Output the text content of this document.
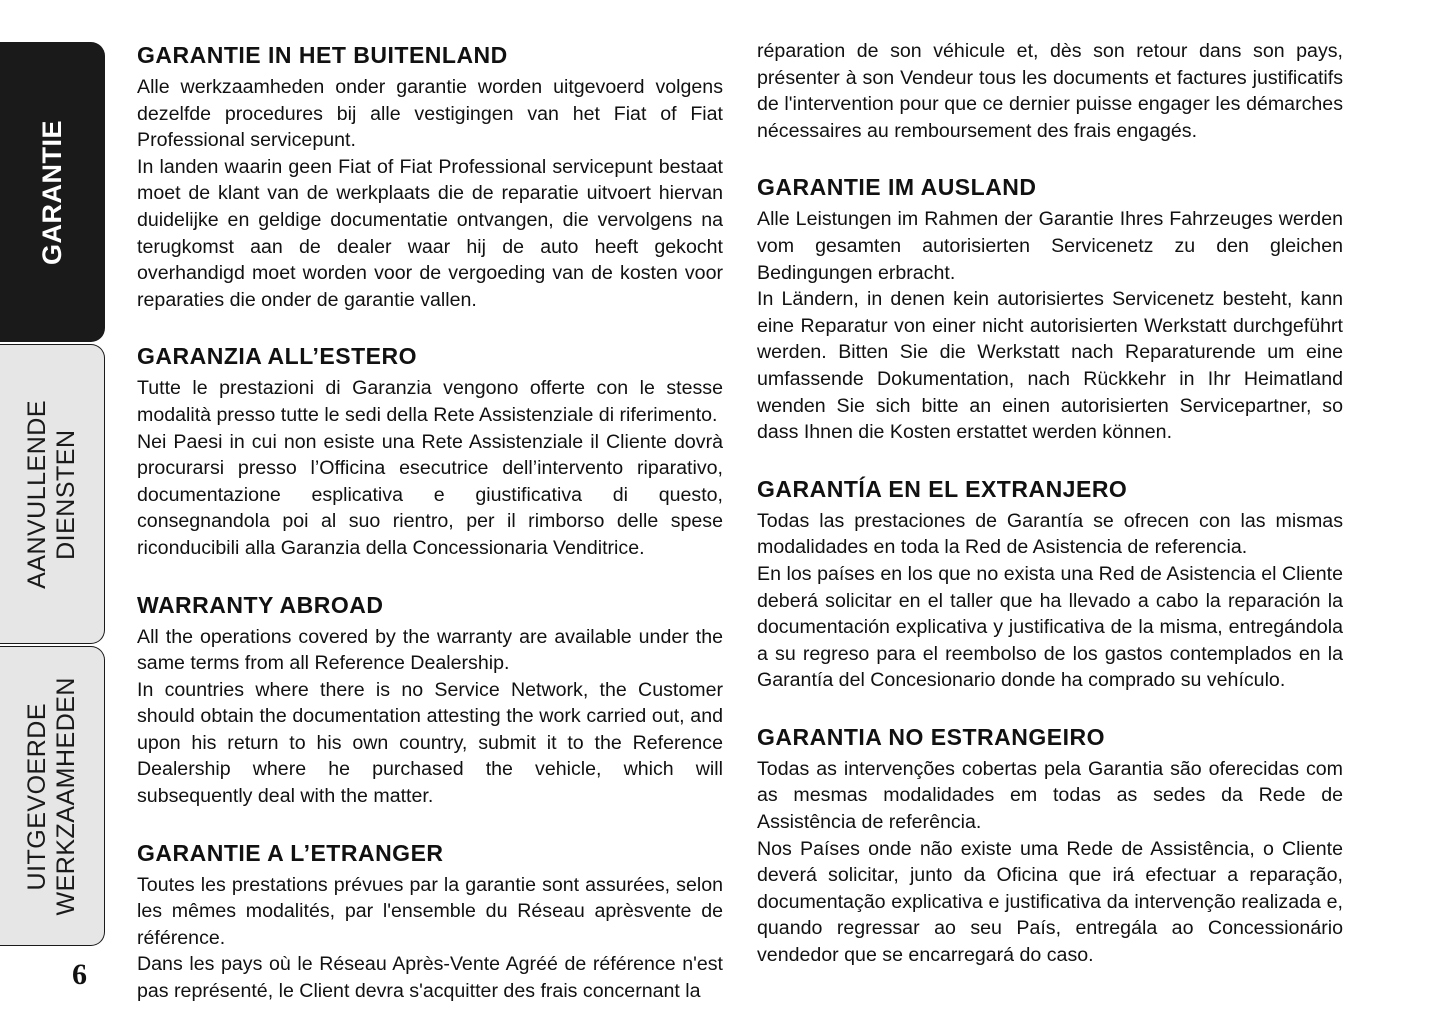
GARANTIE
AANVULLENDE
DIENSTEN
UITGEVOERDE
WERKZAAMHEDEN
6
GARANTIE IN HET BUITENLAND

Alle werkzaamheden onder garantie worden uitgevoerd volgens dezelfde procedures bij alle vestigingen van het Fiat of Fiat Professional servicepunt.

In landen waarin geen Fiat of Fiat Professional servicepunt bestaat moet de klant van de werkplaats die de reparatie uitvoert hiervan duidelijke en geldige documentatie ontvangen, die vervolgens na terugkomst aan de dealer waar hij de auto heeft gekocht overhandigd moet worden voor de vergoeding van de kosten voor reparaties die onder de garantie vallen.

GARANZIA ALL’ESTERO

Tutte le prestazioni di Garanzia vengono offerte con le stesse modalità presso tutte le sedi della Rete Assistenziale di riferimento.

Nei Paesi in cui non esiste una Rete Assistenziale il Cliente dovrà procurarsi presso l’Officina esecutrice dell’intervento riparativo, documentazione esplicativa e giustificativa di questo, consegnandola poi al suo rientro, per il rimborso delle spese riconducibili alla Garanzia della Concessionaria Venditrice.

WARRANTY ABROAD

All the operations covered by the warranty are available under the same terms from all Reference Dealership.

In countries where there is no Service Network, the Customer should obtain the documentation attesting the work carried out, and upon his return to his own country, submit it to the Reference Dealership where he purchased the vehicle, which will subsequently deal with the matter.

GARANTIE A L’ETRANGER

Toutes les prestations prévues par la garantie sont assurées, selon les mêmes modalités, par l'ensemble du Réseau aprèsvente de référence.

Dans les pays où le Réseau Après-Vente Agréé de référence n'est pas représenté, le Client devra s'acquitter des frais concernant la

réparation de son véhicule et, dès son retour dans son pays, présenter à son Vendeur tous les documents et factures justificatifs de l'intervention pour que ce dernier puisse engager les démarches nécessaires au remboursement des frais engagés.

GARANTIE IM AUSLAND

Alle Leistungen im Rahmen der Garantie Ihres Fahrzeuges werden vom gesamten autorisierten Servicenetz zu den gleichen Bedingungen erbracht.

In Ländern, in denen kein autorisiertes Servicenetz besteht, kann eine Reparatur von einer nicht autorisierten Werkstatt durchgeführt werden. Bitten Sie die Werkstatt nach Reparaturende um eine umfassende Dokumentation, nach Rückkehr in Ihr Heimatland wenden Sie sich bitte an einen autorisierten Servicepartner, so dass Ihnen die Kosten erstattet werden können.

GARANTÍA EN EL EXTRANJERO

Todas las prestaciones de Garantía se ofrecen con las mismas modalidades en toda la Red de Asistencia de referencia.

En los países en los que no exista una Red de Asistencia el Cliente deberá solicitar en el taller que ha llevado a cabo la reparación la documentación explicativa y justificativa de la misma, entregándola a su regreso para el reembolso de los gastos contemplados en la Garantía del Concesionario donde ha comprado su vehículo.

GARANTIA NO ESTRANGEIRO

Todas as intervenções cobertas pela Garantia são oferecidas com as mesmas modalidades em todas as sedes da Rede de Assistência de referência.

Nos Países onde não existe uma Rede de Assistência, o Cliente deverá solicitar, junto da Oficina que irá efectuar a reparação, documentação explicativa e justificativa da intervenção realizada e, quando regressar ao seu País, entregála ao Concessionário vendedor que se encarregará do caso.
